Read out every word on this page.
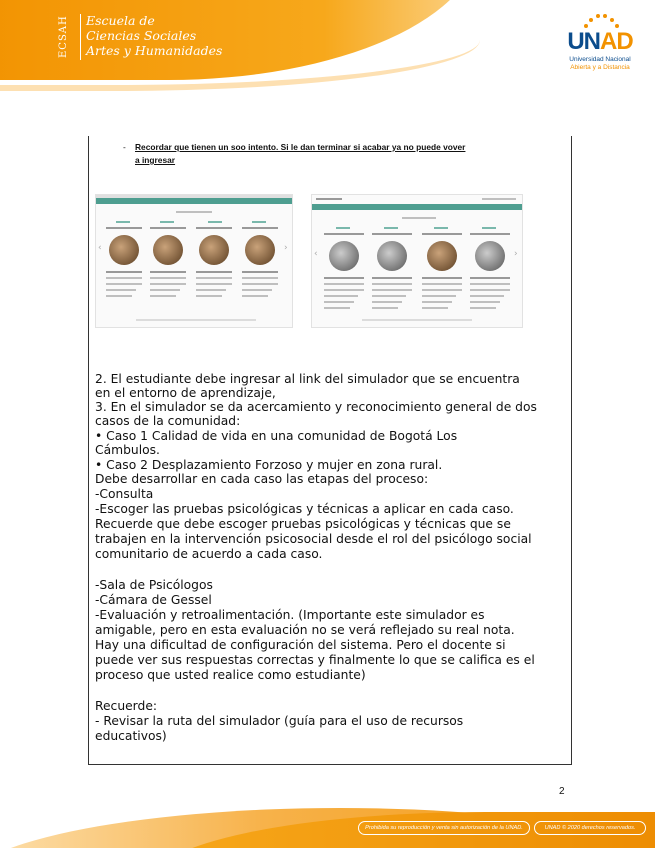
ECSAH	Escuela de
Ciencias Sociales
Artes y Humanidades	UNAD
Universidad Nacional
Abierta y a Distancia
- Recordar que tienen un soo intento. Si le dan terminar si acabar ya no puede vover
a ingresar
‹	›
‹	›
2. El estudiante debe ingresar al link del simulador que se encuentra
en el entorno de aprendizaje,
3. En el simulador se da acercamiento y reconocimiento general de dos
casos de la comunidad:
• Caso 1 Calidad de vida en una comunidad de Bogotá Los
Cámbulos.
• Caso 2 Desplazamiento Forzoso y mujer en zona rural.
Debe desarrollar en cada caso las etapas del proceso:
-Consulta
-Escoger las pruebas psicológicas y técnicas a aplicar en cada caso.
Recuerde que debe escoger pruebas psicológicas y técnicas que se
trabajen en la intervención psicosocial desde el rol del psicólogo social
comunitario de acuerdo a cada caso.
-Sala de Psicólogos
-Cámara de Gessel
-Evaluación y retroalimentación. (Importante este simulador es
amigable, pero en esta evaluación no se verá reflejado su real nota.
Hay una dificultad de configuración del sistema. Pero el docente si
puede ver sus respuestas correctas y finalmente lo que se califica es el
proceso que usted realice como estudiante)
Recuerde:
- Revisar la ruta del simulador (guía para el uso de recursos
educativos)
2
Prohibida su reproducción y venta sin autorización de la UNAD.	UNAD © 2020 derechos reservados.
